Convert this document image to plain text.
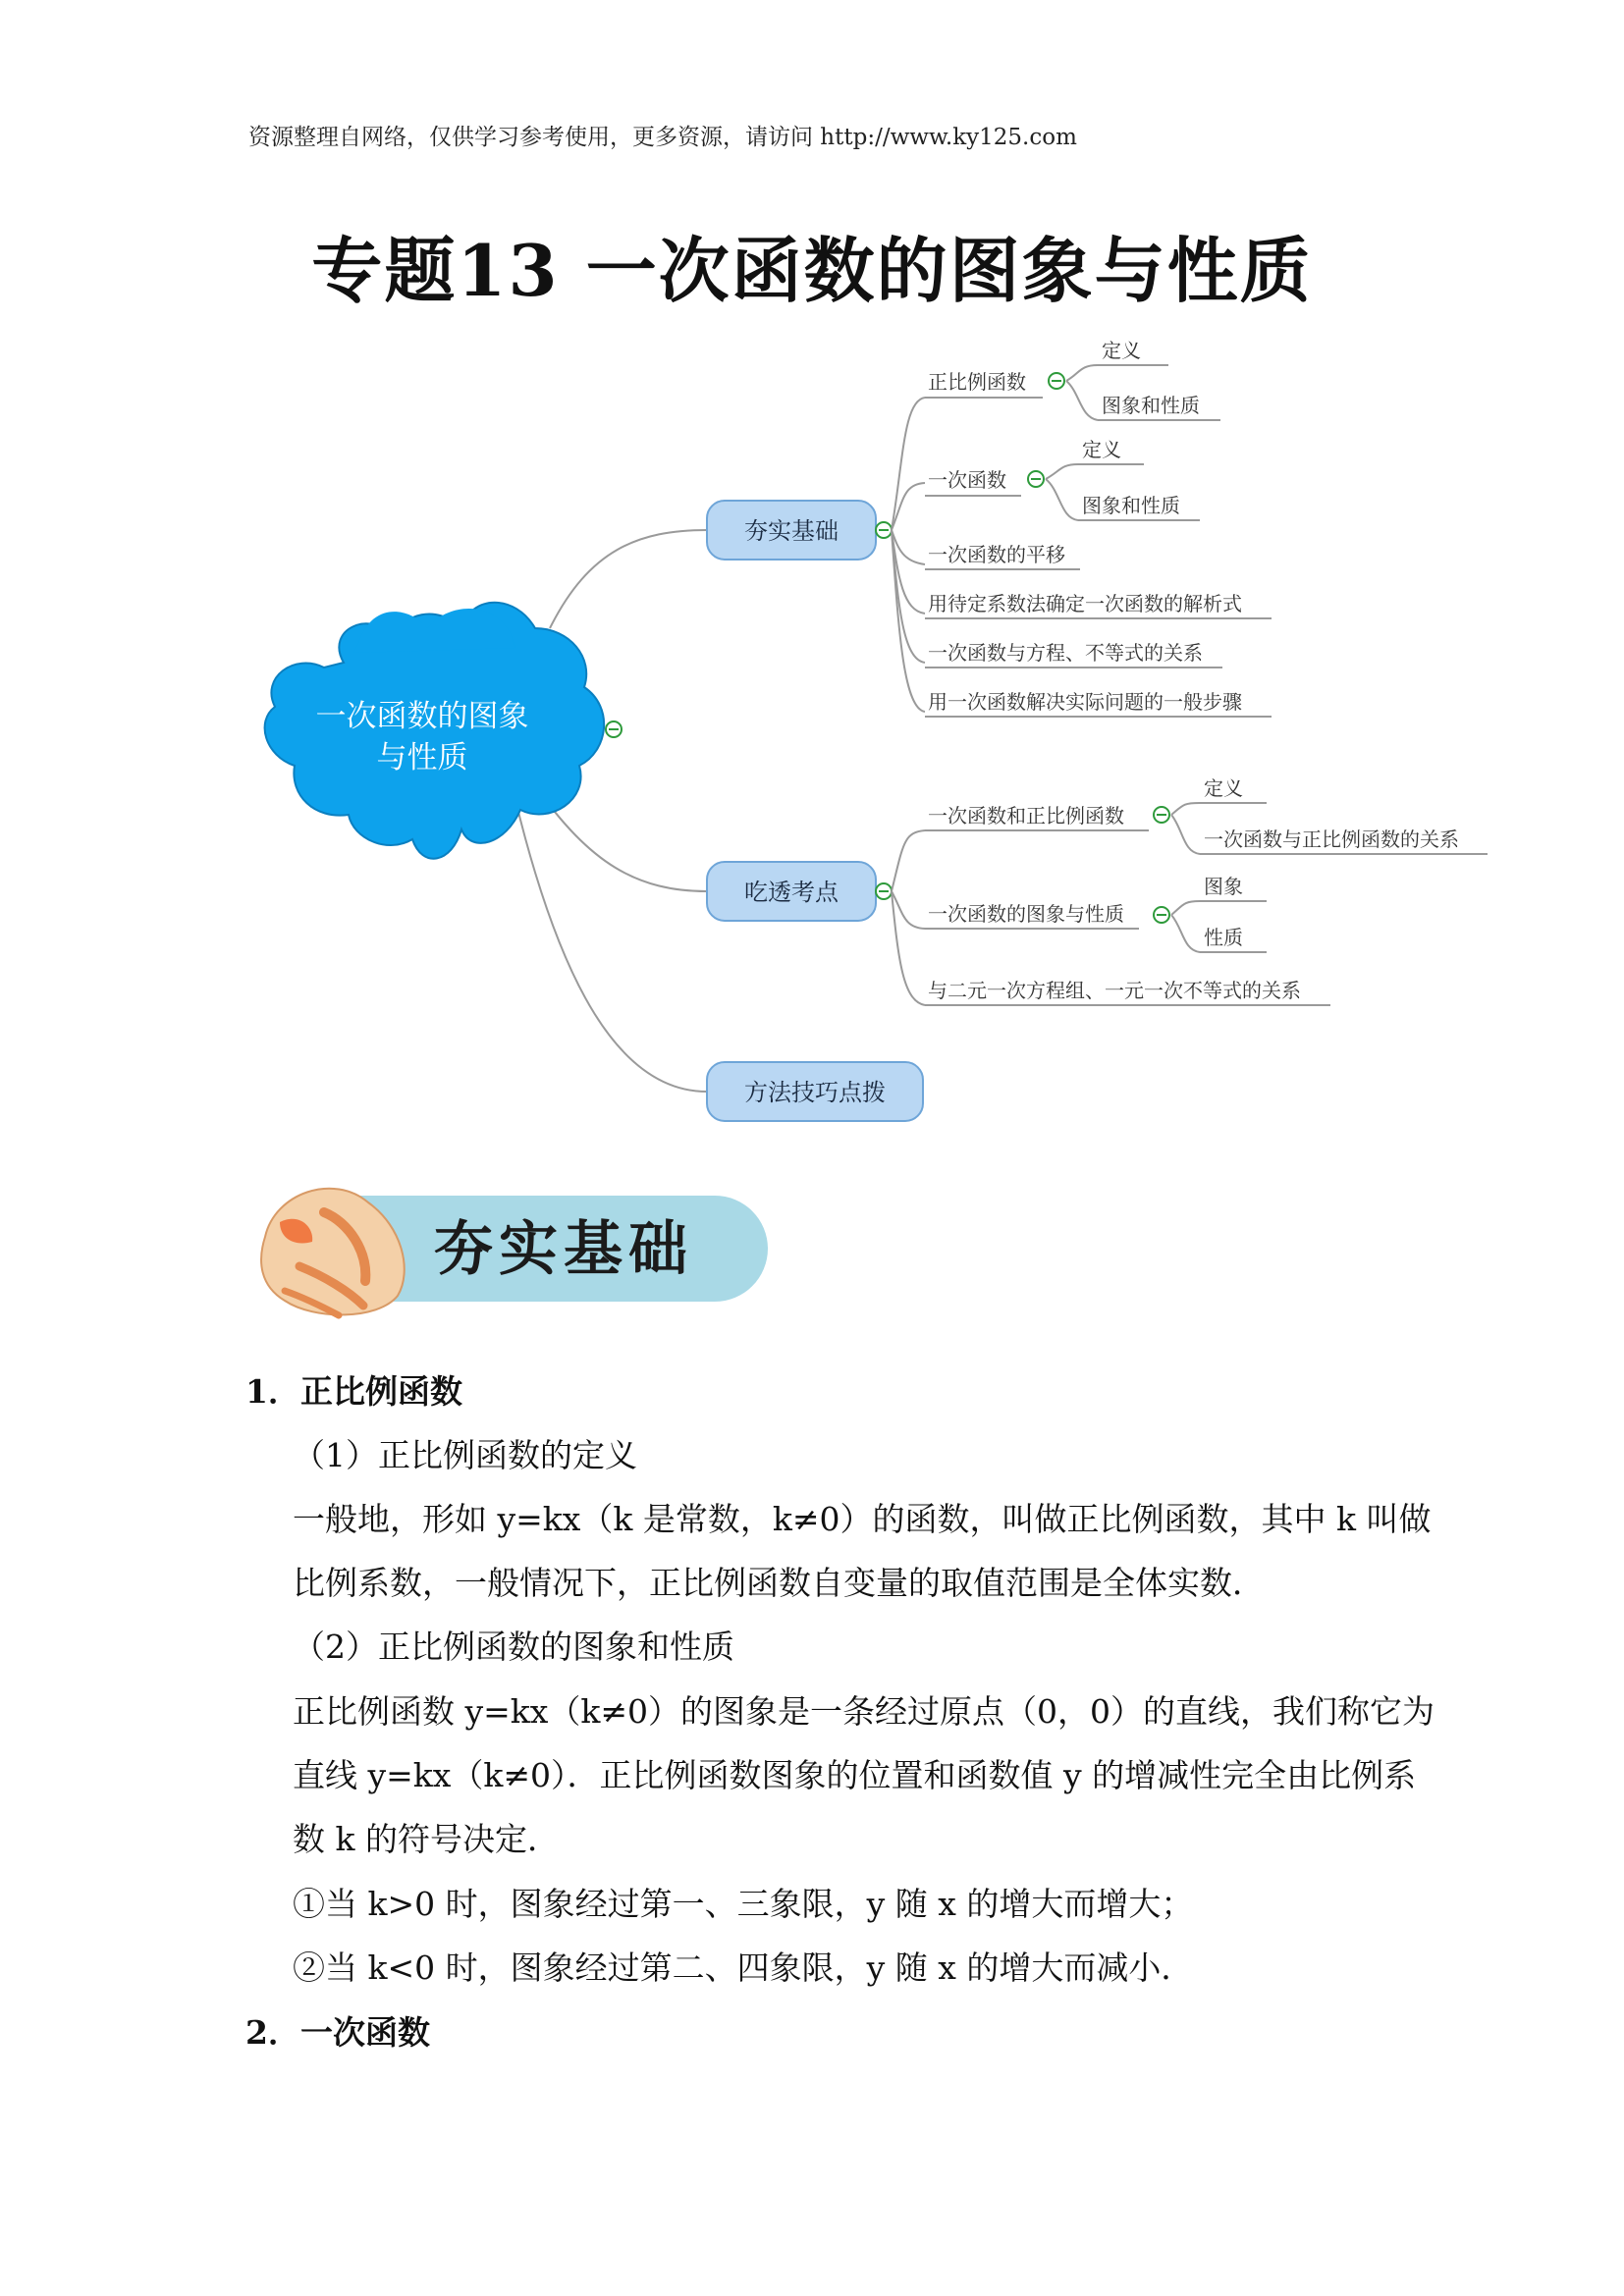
资源整理自网络，仅供学习参考使用，更多资源，请访问 http://www.ky125.com
专题13 一次函数的图象与性质
一次函数的图象
与性质
夯实基础
正比例函数
一次函数
一次函数的平移
用待定系数法确定一次函数的解析式
一次函数与方程、不等式的关系
用一次函数解决实际问题的一般步骤
定义
图象和性质
定义
图象和性质
吃透考点
一次函数和正比例函数
一次函数的图象与性质
与二元一次方程组、一元一次不等式的关系
定义
一次函数与正比例函数的关系
图象
性质
方法技巧点拨
夯实基础
1．正比例函数
（1）正比例函数的定义
一般地，形如 y=kx（k 是常数，k≠0）的函数，叫做正比例函数，其中 k 叫做
比例系数，一般情况下，正比例函数自变量的取值范围是全体实数．
（2）正比例函数的图象和性质
正比例函数 y=kx（k≠0）的图象是一条经过原点（0，0）的直线，我们称它为
直线 y=kx（k≠0）．正比例函数图象的位置和函数值 y 的增减性完全由比例系
数 k 的符号决定．
①当 k>0 时，图象经过第一、三象限，y 随 x 的增大而增大；
②当 k<0 时，图象经过第二、四象限，y 随 x 的增大而减小．
2．一次函数
